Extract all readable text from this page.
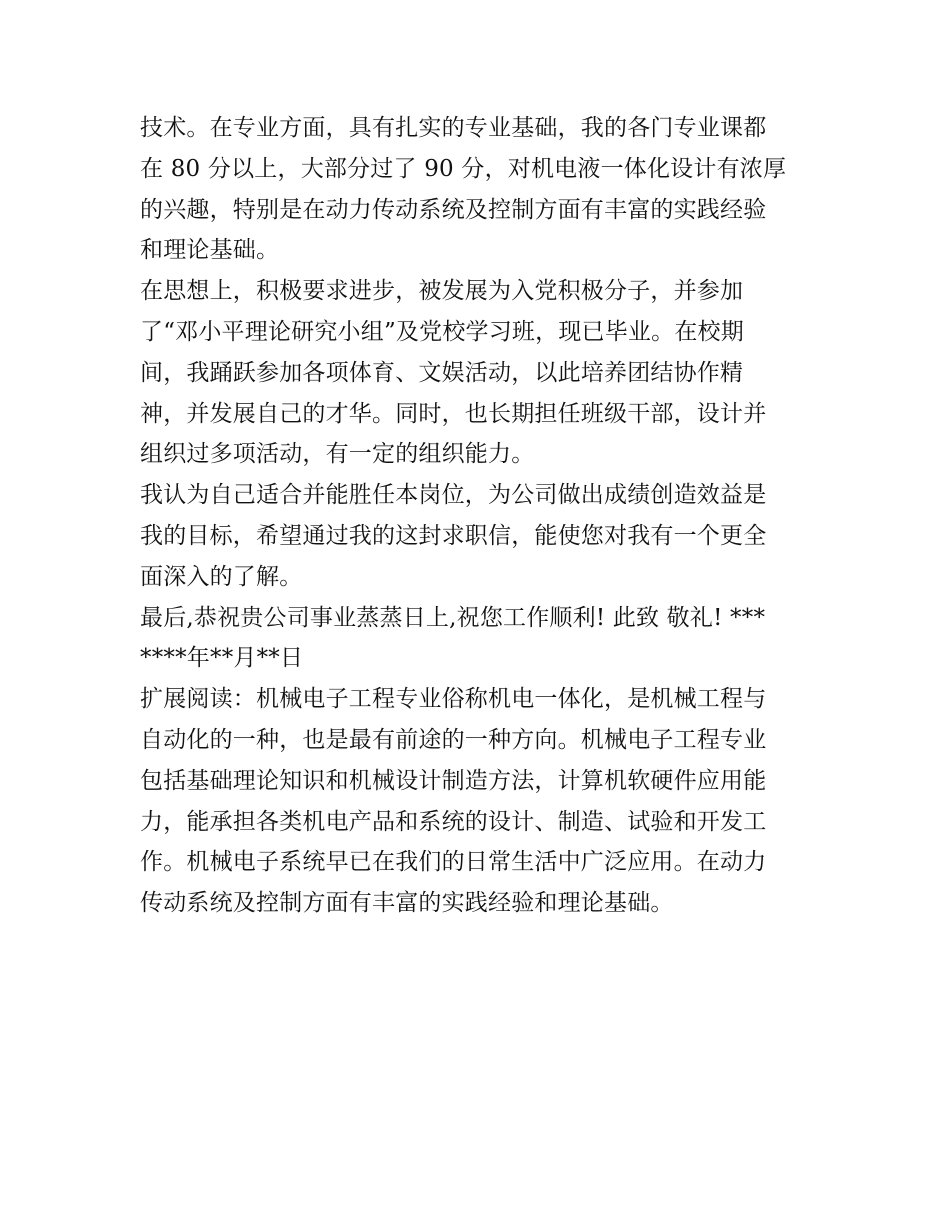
技术。在专业方面，具有扎实的专业基础，我的各门专业课都
在 80 分以上，大部分过了 90 分，对机电液一体化设计有浓厚
的兴趣，特别是在动力传动系统及控制方面有丰富的实践经验
和理论基础。
在思想上，积极要求进步，被发展为入党积极分子，并参加
了“邓小平理论研究小组”及党校学习班，现已毕业。在校期
间，我踊跃参加各项体育、文娱活动，以此培养团结协作精
神，并发展自己的才华。同时，也长期担任班级干部，设计并
组织过多项活动，有一定的组织能力。
我认为自己适合并能胜任本岗位，为公司做出成绩创造效益是
我的目标，希望通过我的这封求职信，能使您对我有一个更全
面深入的了解。
最后,恭祝贵公司事业蒸蒸日上,祝您工作顺利! 此致 敬礼! ***
****年**月**日
扩展阅读：机械电子工程专业俗称机电一体化，是机械工程与
自动化的一种，也是最有前途的一种方向。机械电子工程专业
包括基础理论知识和机械设计制造方法，计算机软硬件应用能
力，能承担各类机电产品和系统的设计、制造、试验和开发工
作。机械电子系统早已在我们的日常生活中广泛应用。在动力
传动系统及控制方面有丰富的实践经验和理论基础。
